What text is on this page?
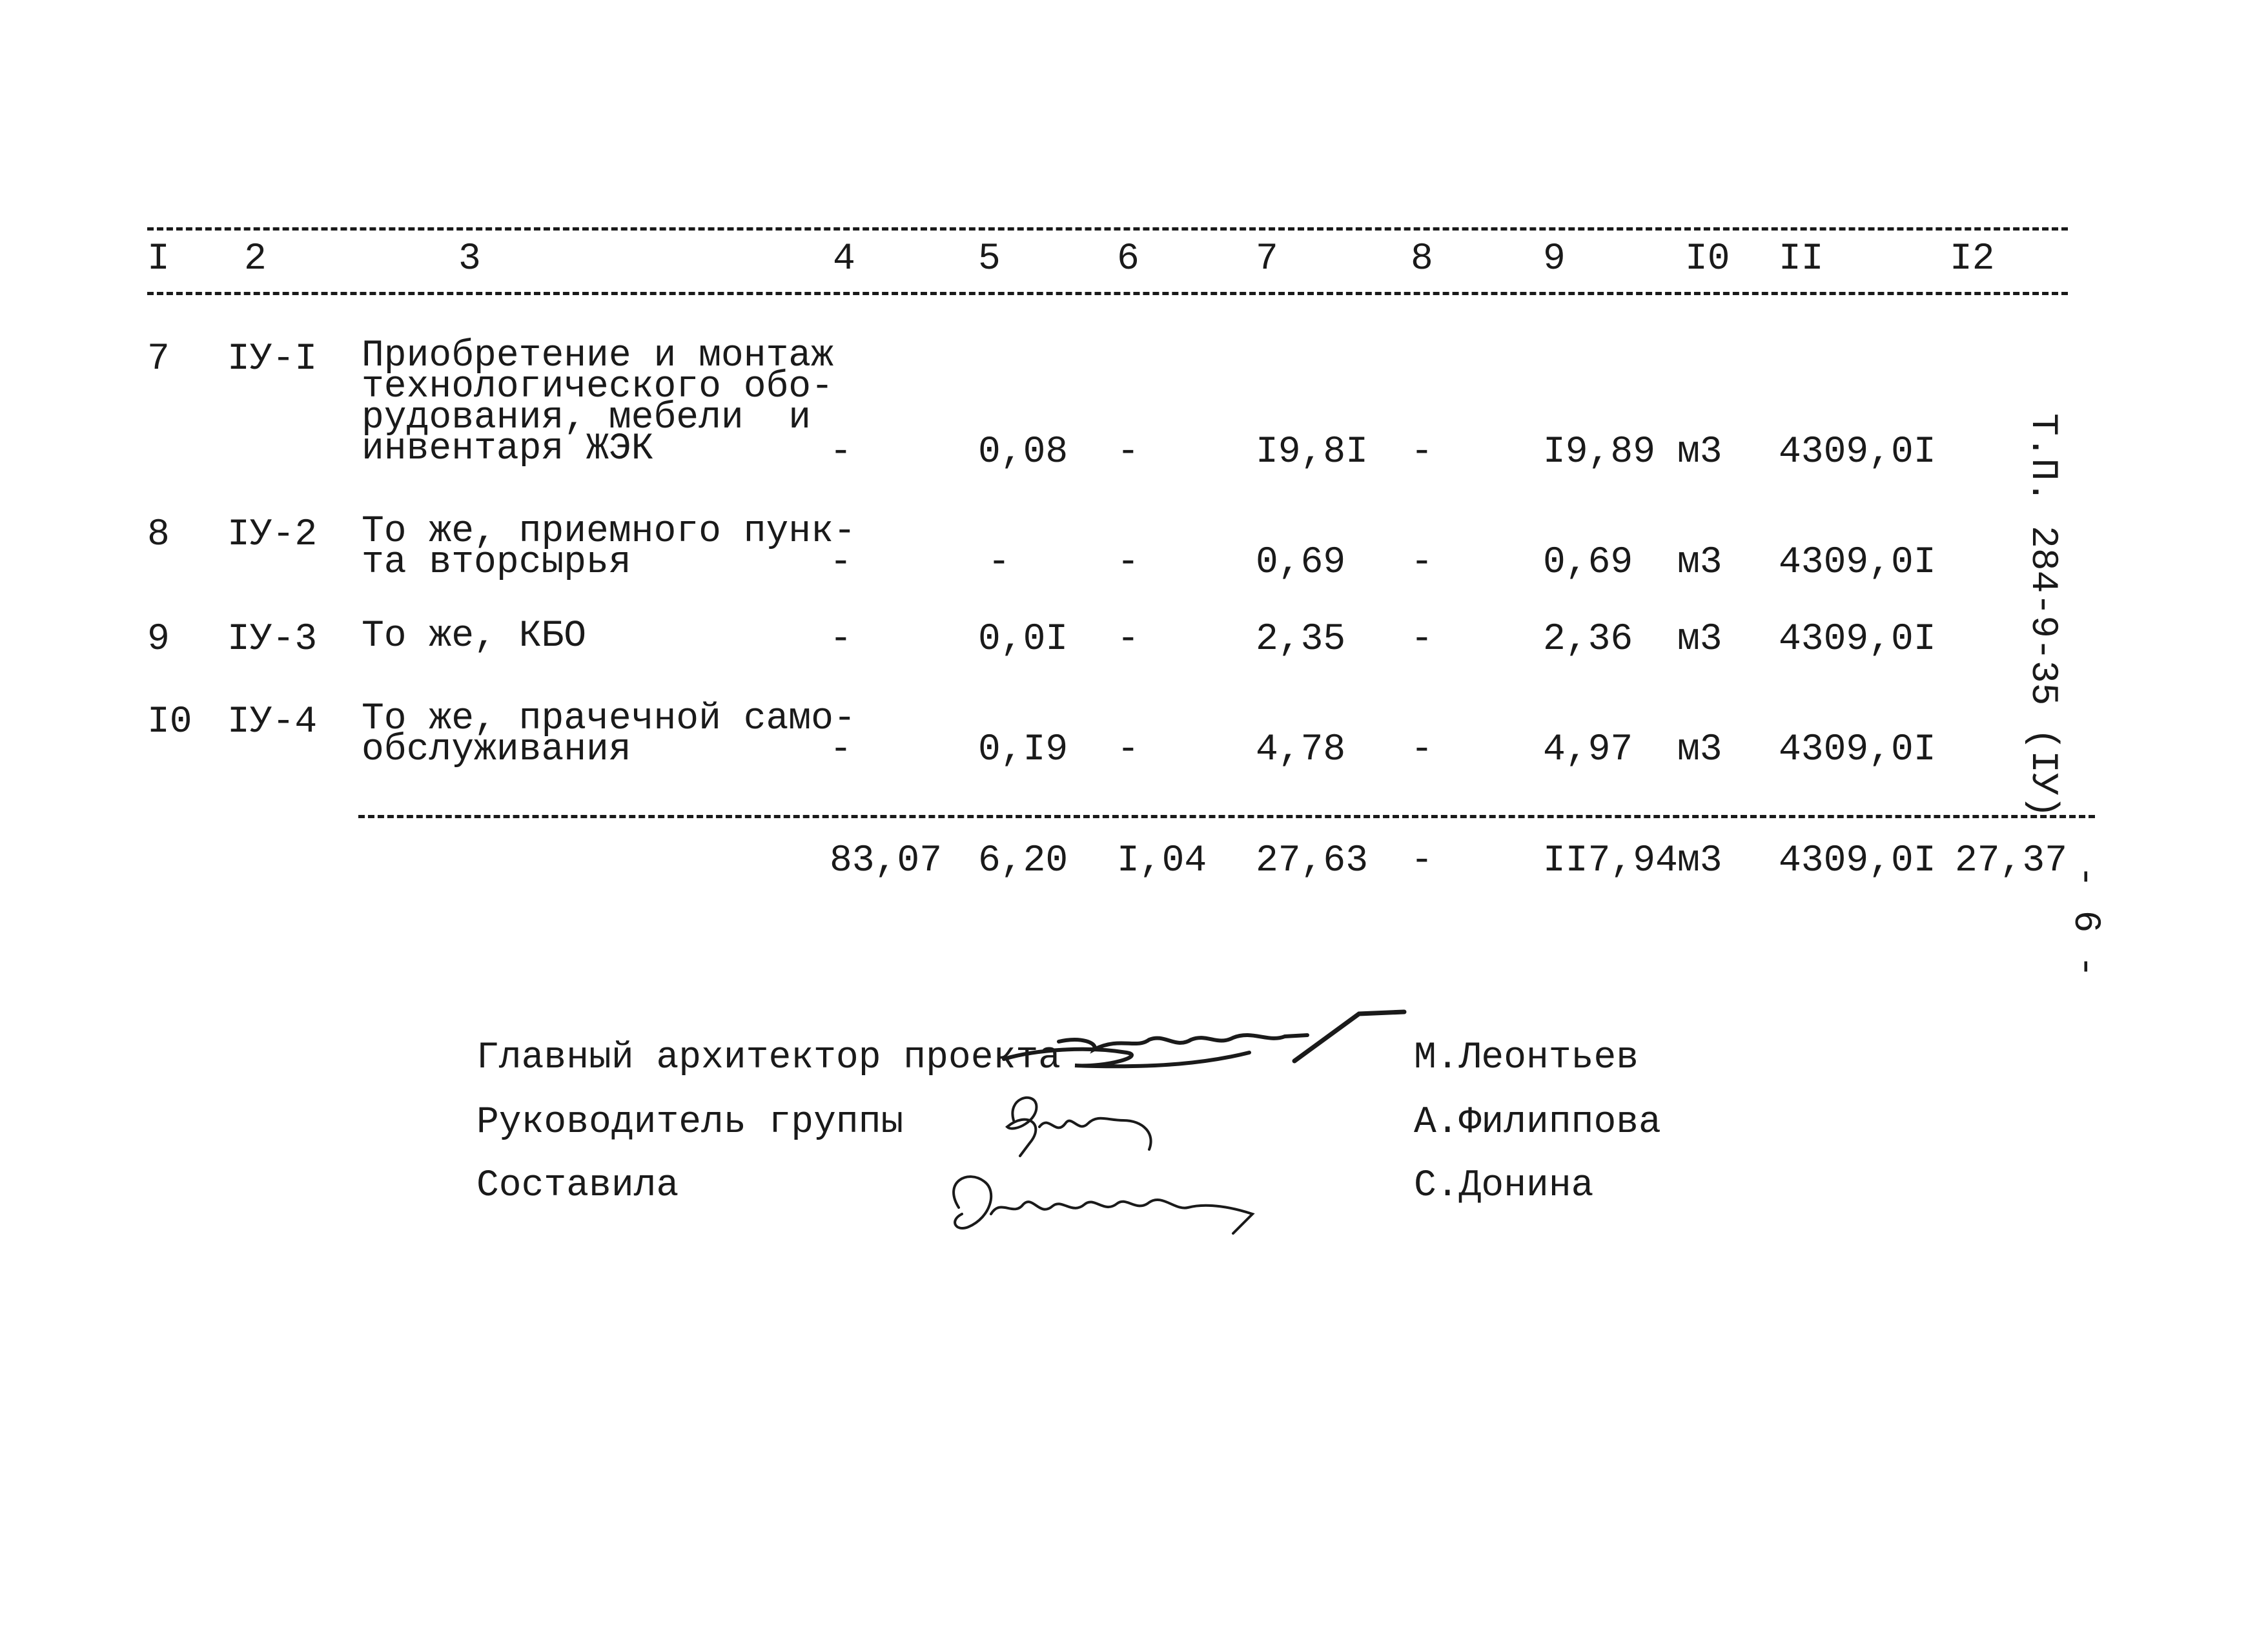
I 2	3	4	5	6	7	8	9	I0 II	I2
7 IУ-I Приобретение и монтаж
технологического обо-
рудования, мебели  и
инвентаря ЖЭК	-	0,08 -	I9,8I -	I9,89 м3 4309,0I
8 IУ-2 То же, приемного пунк-
та вторсырья	-	-	-	0,69 -	0,69 м3 4309,0I
9 IУ-3 То же, КБО	-	0,0I -	2,35 -	2,36 м3 4309,0I
I0 IУ-4 То же, прачечной само-
обслуживания	-	0,I9 -	4,78 -	4,97 м3 4309,0I
83,07 6,20 I,04 27,63 -	II7,94 м3 4309,0I 27,37
Т.П. 284-9-35 (IУ)
- 6 -
Главный архитектор проекта	М.Леонтьев
Руководитель группы	А.Филиппова
Составила	С.Донина
